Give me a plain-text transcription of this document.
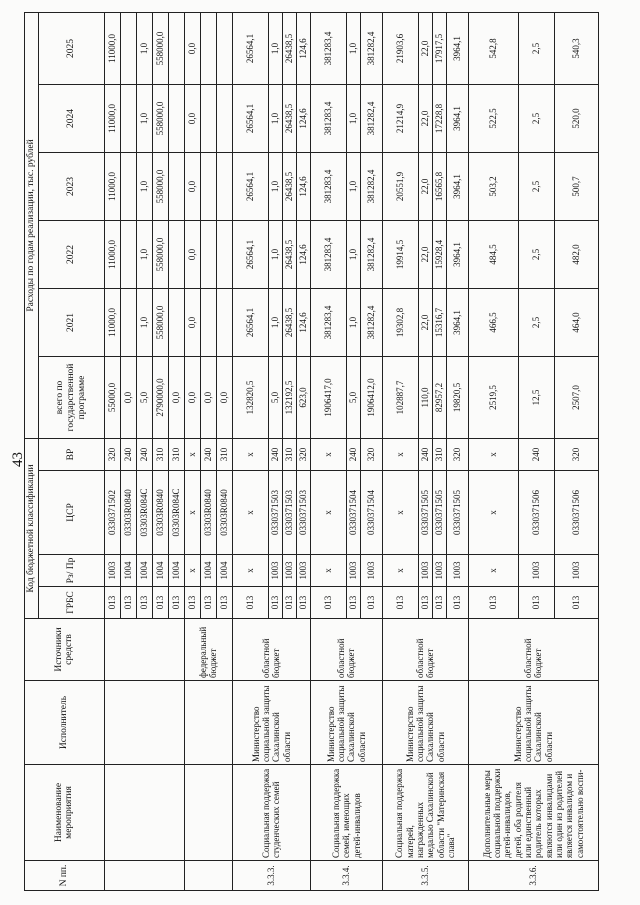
43
N пп.	Наименование мероприятия	Исполнитель	Источники средств	Код бюджетной классификации				Расходы по годам реализации, тыс. рублей					
				ГРБС	Рз/ Пр	ЦСР	ВР	всего по государственной программе	2021	2022	2023	2024	2025
				013	1003	0330371502	320	55000,0	11000,0	11000,0	11000,0	11000,0	11000,0
				013	1004	03303R0840	240	0,0					
				013	1004	03303R084C	240	5,0	1,0	1,0	1,0	1,0	1,0
				013	1004	03303R0840	310	2790000,0	558000,0	558000,0	558000,0	558000,0	558000,0
				013	1004	03303R084C	310	0,0					
			федеральный бюджет	013	x	x	x	0,0	0,0	0,0	0,0	0,0	0,0
				013	1004	03303R0840	240	0,0					
				013	1004	03303R0840	310	0,0					
3.3.3.	Социальная поддержка студенческих семей	Министерство социальной защиты Сахалинской области	областной бюджет	013	x	x	x	132820,5	26564,1	26564,1	26564,1	26564,1	26564,1
				013	1003	0330371503	240	5,0	1,0	1,0	1,0	1,0	1,0
				013	1003	0330371503	310	132192,5	26438,5	26438,5	26438,5	26438,5	26438,5
				013	1003	0330371503	320	623,0	124,6	124,6	124,6	124,6	124,6
3.3.4.	Социальная поддержка семей, имеющих детей-инвалидов	Министерство социальной защиты Сахалинской области	областной бюджет	013	x	x	x	1906417,0	381283,4	381283,4	381283,4	381283,4	381283,4
				013	1003	0330371504	240	5,0	1,0	1,0	1,0	1,0	1,0
				013	1003	0330371504	320	1906412,0	381282,4	381282,4	381282,4	381282,4	381282,4
3.3.5.	Социальная поддержка матерей, награжденных медалью Сахалинской области "Материнская слава"	Министерство социальной защиты Сахалинской области	областной бюджет	013	x	x	x	102887,7	19302,8	19914,5	20551,9	21214,9	21903,6
				013	1003	0330371505	240	110,0	22,0	22,0	22,0	22,0	22,0
				013	1003	0330371505	310	82957,2	15316,7	15928,4	16565,8	17228,8	17917,5
				013	1003	0330371505	320	19820,5	3964,1	3964,1	3964,1	3964,1	3964,1
3.3.6.	Дополнительные меры социальной поддержки детей-инвалидов, детей, оба родителя или единственный родитель которых являются инвалидами или один из родителей является инвалидом и самостоятельно воспи-	Министерство социальной защиты Сахалинской области	областной бюджет	013	x	x	x	2519,5	466,5	484,5	503,2	522,5	542,8
				013	1003	0330371506	240	12,5	2,5	2,5	2,5	2,5	2,5
				013	1003	0330371506	320	2507,0	464,0	482,0	500,7	520,0	540,3
